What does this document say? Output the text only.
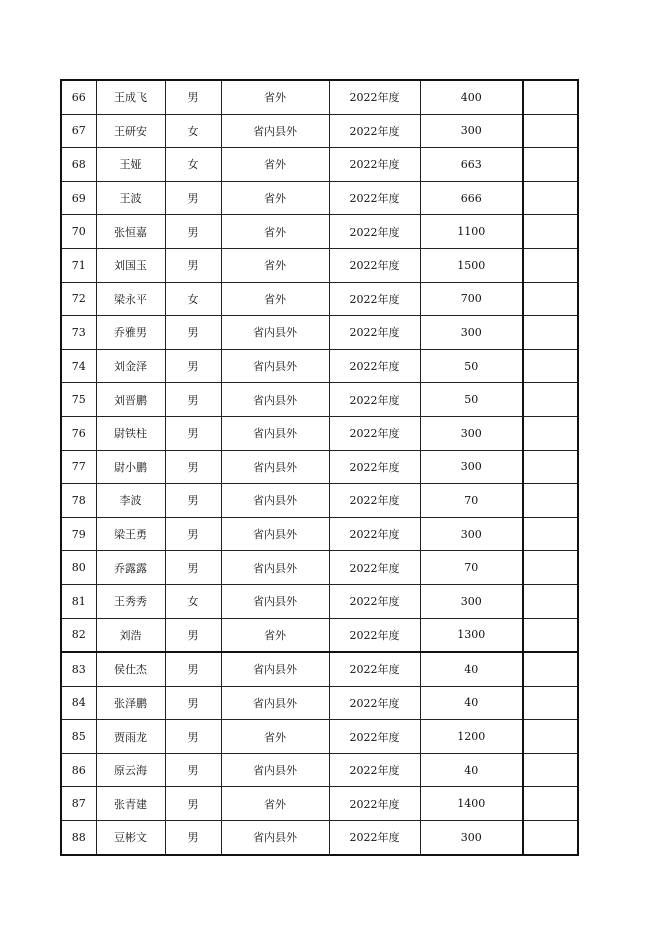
66	王成飞	男	省外	2022年度	400	
67	王研安	女	省内县外	2022年度	300	
68	王娅	女	省外	2022年度	663	
69	王波	男	省外	2022年度	666	
70	张恒嘉	男	省外	2022年度	1100	
71	刘国玉	男	省外	2022年度	1500	
72	梁永平	女	省外	2022年度	700	
73	乔雅男	男	省内县外	2022年度	300	
74	刘金泽	男	省内县外	2022年度	50	
75	刘晋鹏	男	省内县外	2022年度	50	
76	尉铁柱	男	省内县外	2022年度	300	
77	尉小鹏	男	省内县外	2022年度	300	
78	李波	男	省内县外	2022年度	70	
79	梁王勇	男	省内县外	2022年度	300	
80	乔露露	男	省内县外	2022年度	70	
81	王秀秀	女	省内县外	2022年度	300	
82	刘浩	男	省外	2022年度	1300	
83	侯仕杰	男	省内县外	2022年度	40	
84	张泽鹏	男	省内县外	2022年度	40	
85	贾雨龙	男	省外	2022年度	1200	
86	原云海	男	省内县外	2022年度	40	
87	张青建	男	省外	2022年度	1400	
88	豆彬文	男	省内县外	2022年度	300	
